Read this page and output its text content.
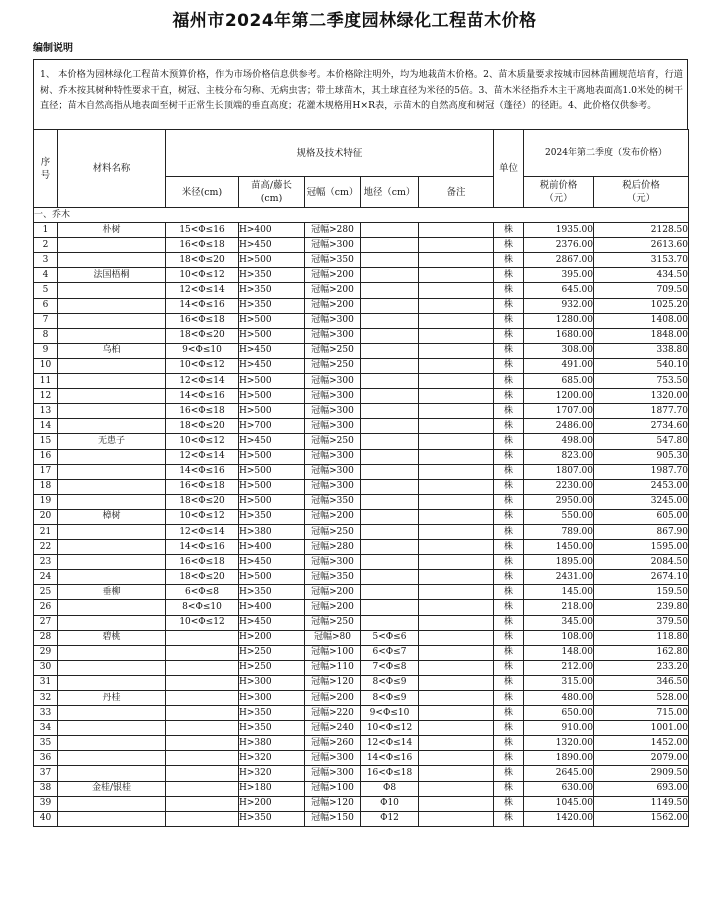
福州市2024年第二季度园林绿化工程苗木价格
编制说明
1、 本价格为园林绿化工程苗木预算价格，作为市场价格信息供参考。本价格除注明外，均为地栽苗木价格。2、苗木质量要求按城市园林苗圃规范培育，行道树、乔木按其树种特性要求干直，树冠、主枝分布匀称、无病虫害；带土球苗木，其土球直径为米径的5倍。3、苗木米径指乔木主干离地表面高1.0米处的树干直径；苗木自然高指从地表面至树干正常生长顶端的垂直高度；花灌木规格用H×R表，示苗木的自然高度和树冠（蓬径）的径距。4、此价格仅供参考。
序号	材料名称	规格及技术特征					单位	2024年第二季度（发布价格）	
		米径(cm)	苗高/藤长(cm)	冠幅（cm）	地径（cm）	备注		税前价格（元）	税后价格（元）
一、乔木									
1	朴树	15<Φ≤16	H>400	冠幅>280			株	1935.00	2128.50
2		16<Φ≤18	H>450	冠幅>300			株	2376.00	2613.60
3		18<Φ≤20	H>500	冠幅>350			株	2867.00	3153.70
4	法国梧桐	10<Φ≤12	H>350	冠幅>200			株	395.00	434.50
5		12<Φ≤14	H>350	冠幅>200			株	645.00	709.50
6		14<Φ≤16	H>350	冠幅>200			株	932.00	1025.20
7		16<Φ≤18	H>500	冠幅>300			株	1280.00	1408.00
8		18<Φ≤20	H>500	冠幅>300			株	1680.00	1848.00
9	乌桕	9<Φ≤10	H>450	冠幅>250			株	308.00	338.80
10		10<Φ≤12	H>450	冠幅>250			株	491.00	540.10
11		12<Φ≤14	H>500	冠幅>300			株	685.00	753.50
12		14<Φ≤16	H>500	冠幅>300			株	1200.00	1320.00
13		16<Φ≤18	H>500	冠幅>300			株	1707.00	1877.70
14		18<Φ≤20	H>700	冠幅>300			株	2486.00	2734.60
15	无患子	10<Φ≤12	H>450	冠幅>250			株	498.00	547.80
16		12<Φ≤14	H>500	冠幅>300			株	823.00	905.30
17		14<Φ≤16	H>500	冠幅>300			株	1807.00	1987.70
18		16<Φ≤18	H>500	冠幅>300			株	2230.00	2453.00
19		18<Φ≤20	H>500	冠幅>350			株	2950.00	3245.00
20	樟树	10<Φ≤12	H>350	冠幅>200			株	550.00	605.00
21		12<Φ≤14	H>380	冠幅>250			株	789.00	867.90
22		14<Φ≤16	H>400	冠幅>280			株	1450.00	1595.00
23		16<Φ≤18	H>450	冠幅>300			株	1895.00	2084.50
24		18<Φ≤20	H>500	冠幅>350			株	2431.00	2674.10
25	垂柳	6<Φ≤8	H>350	冠幅>200			株	145.00	159.50
26		8<Φ≤10	H>400	冠幅>200			株	218.00	239.80
27		10<Φ≤12	H>450	冠幅>250			株	345.00	379.50
28	碧桃		H>200	冠幅>80	5<Φ≤6		株	108.00	118.80
29			H>250	冠幅>100	6<Φ≤7		株	148.00	162.80
30			H>250	冠幅>110	7<Φ≤8		株	212.00	233.20
31			H>300	冠幅>120	8<Φ≤9		株	315.00	346.50
32	丹桂		H>300	冠幅>200	8<Φ≤9		株	480.00	528.00
33			H>350	冠幅>220	9<Φ≤10		株	650.00	715.00
34			H>350	冠幅>240	10<Φ≤12		株	910.00	1001.00
35			H>380	冠幅>260	12<Φ≤14		株	1320.00	1452.00
36			H>320	冠幅>300	14<Φ≤16		株	1890.00	2079.00
37			H>320	冠幅>300	16<Φ≤18		株	2645.00	2909.50
38	金桂/银桂		H>180	冠幅>100	Φ8		株	630.00	693.00
39			H>200	冠幅>120	Φ10		株	1045.00	1149.50
40			H>350	冠幅>150	Φ12		株	1420.00	1562.00
